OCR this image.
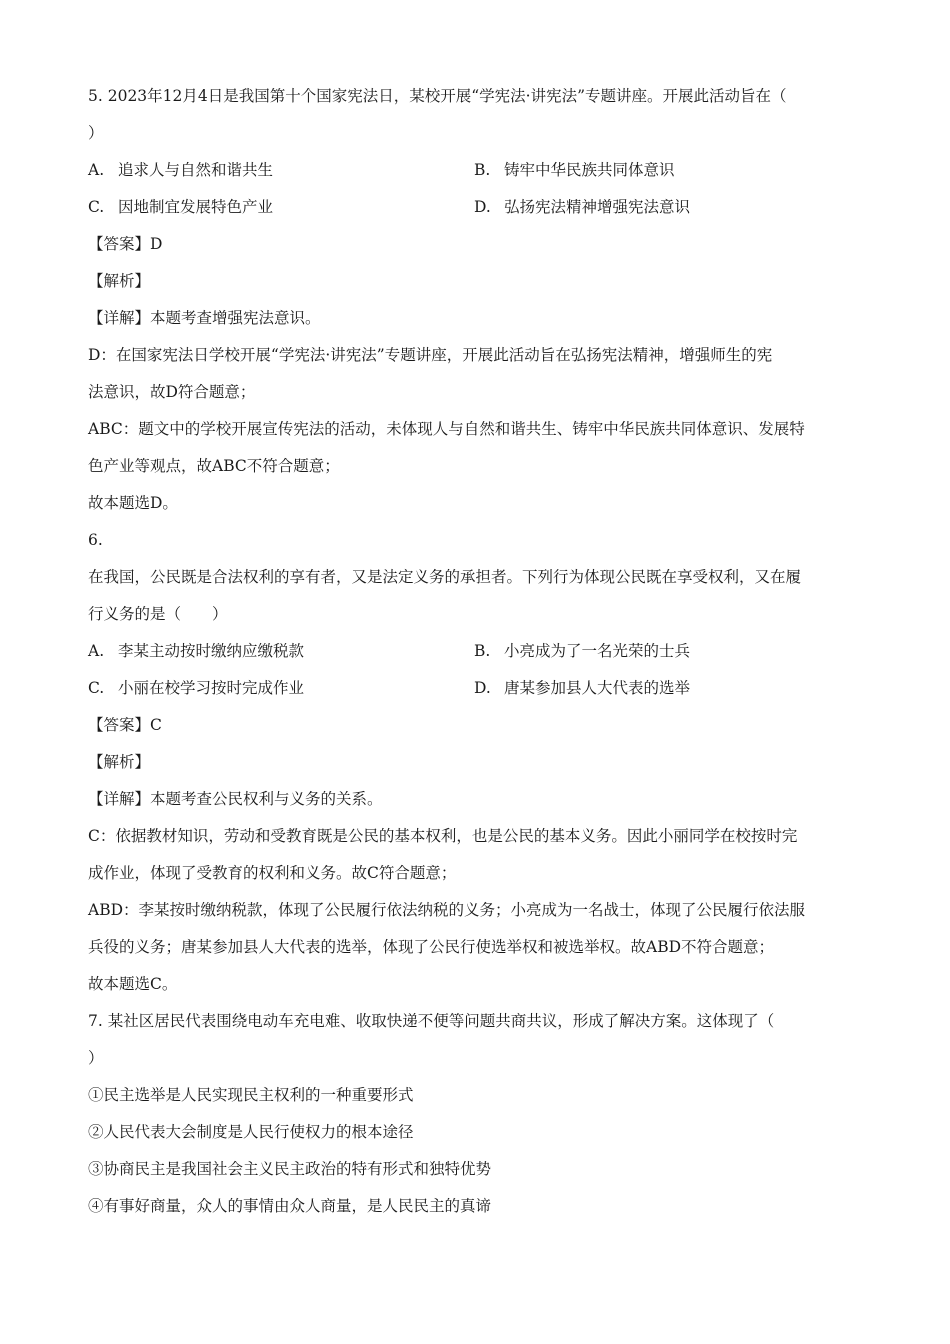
5. 2023年12月4日是我国第十个国家宪法日，某校开展“学宪法·讲宪法”专题讲座。开展此活动旨在（
）
A. 追求人与自然和谐共生	B. 铸牢中华民族共同体意识
C. 因地制宜发展特色产业	D. 弘扬宪法精神增强宪法意识
【答案】D
【解析】
【详解】本题考查增强宪法意识。
D：在国家宪法日学校开展“学宪法·讲宪法”专题讲座，开展此活动旨在弘扬宪法精神，增强师生的宪
法意识，故D符合题意；
ABC：题文中的学校开展宣传宪法的活动，未体现人与自然和谐共生、铸牢中华民族共同体意识、发展特
色产业等观点，故ABC不符合题意；
故本题选D。
6.
在我国，公民既是合法权利的享有者，又是法定义务的承担者。下列行为体现公民既在享受权利，又在履
行义务的是（　　）
A. 李某主动按时缴纳应缴税款	B. 小亮成为了一名光荣的士兵
C. 小丽在校学习按时完成作业	D. 唐某参加县人大代表的选举
【答案】C
【解析】
【详解】本题考查公民权利与义务的关系。
C：依据教材知识，劳动和受教育既是公民的基本权利，也是公民的基本义务。因此小丽同学在校按时完
成作业，体现了受教育的权利和义务。故C符合题意；
ABD：李某按时缴纳税款，体现了公民履行依法纳税的义务；小亮成为一名战士，体现了公民履行依法服
兵役的义务；唐某参加县人大代表的选举，体现了公民行使选举权和被选举权。故ABD不符合题意；
故本题选C。
7. 某社区居民代表围绕电动车充电难、收取快递不便等问题共商共议，形成了解决方案。这体现了（
）
①民主选举是人民实现民主权利的一种重要形式
②人民代表大会制度是人民行使权力的根本途径
③协商民主是我国社会主义民主政治的特有形式和独特优势
④有事好商量，众人的事情由众人商量，是人民民主的真谛
